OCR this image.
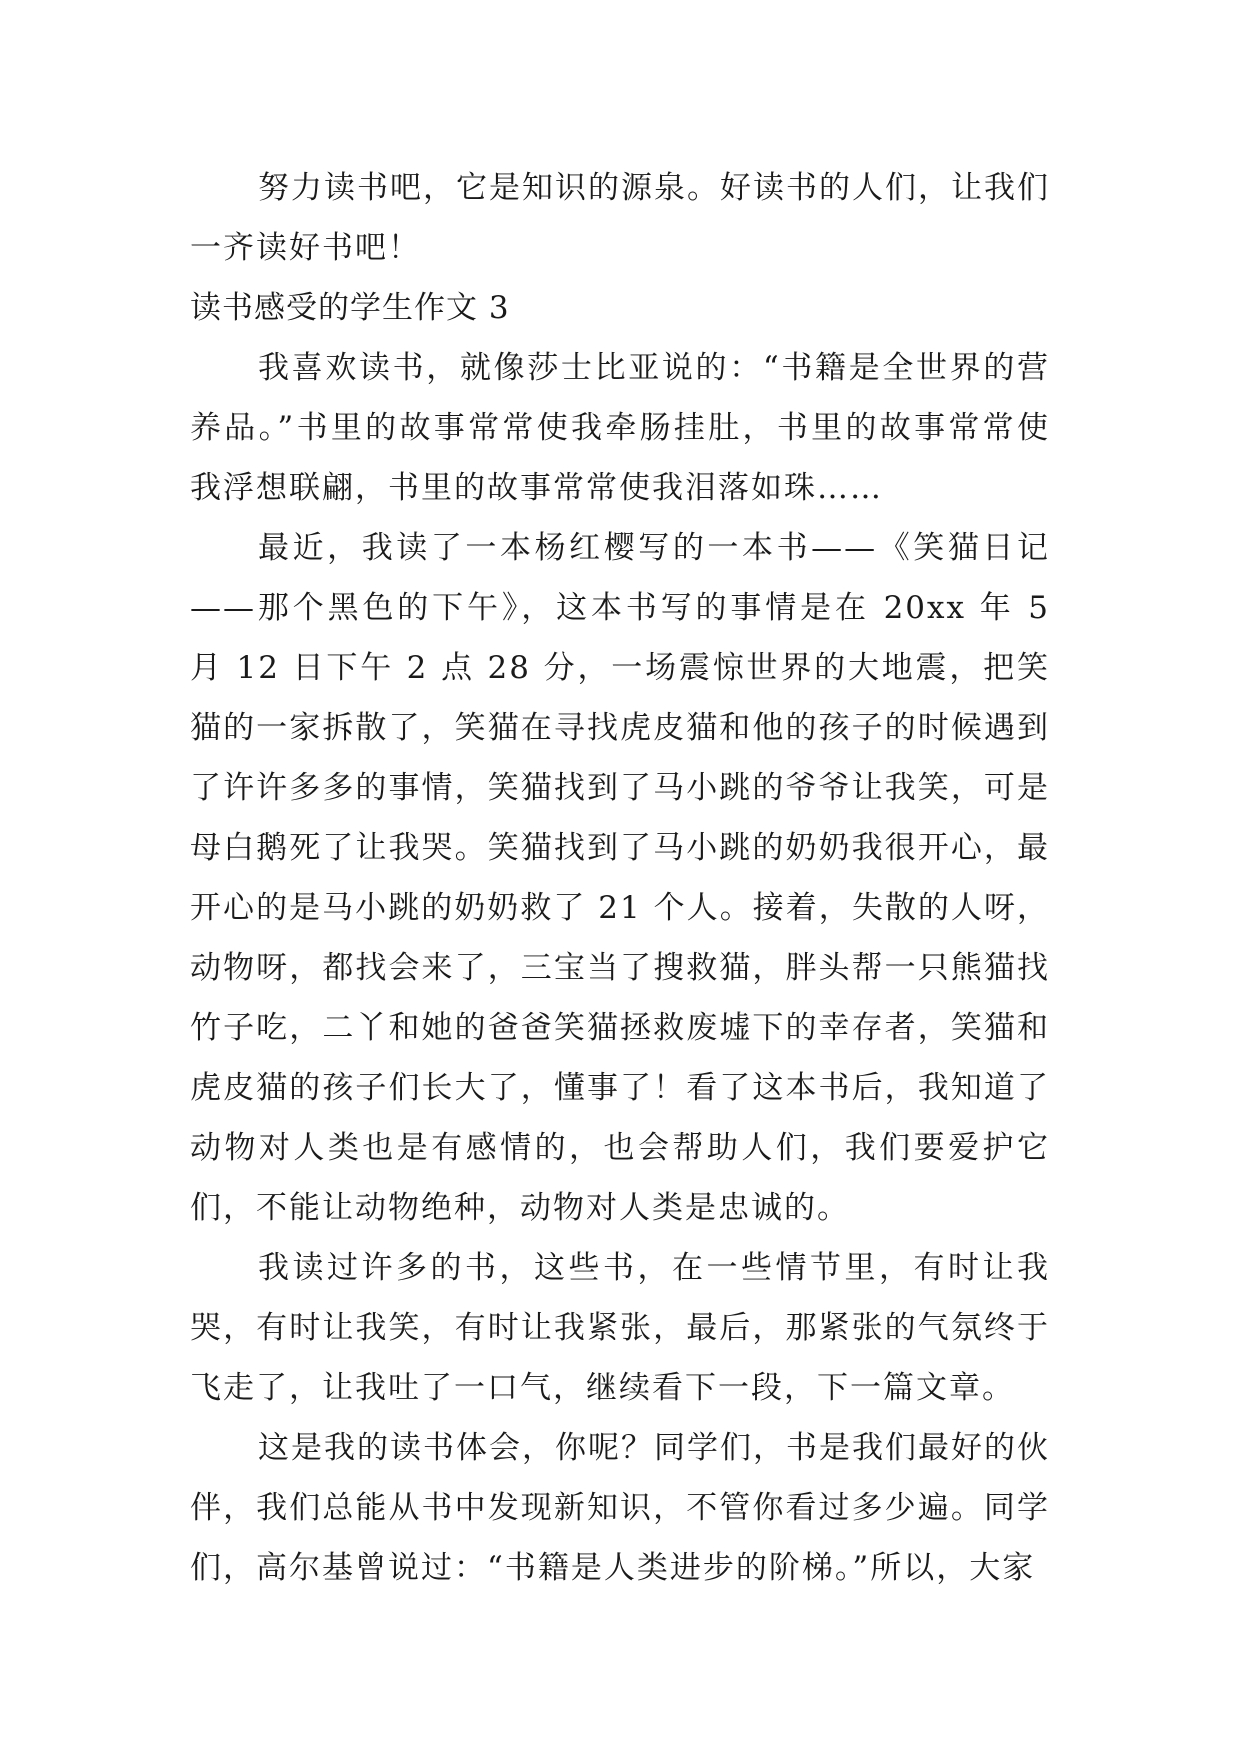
努力读书吧，它是知识的源泉。好读书的人们，让我们一齐读好书吧！

读书感受的学生作文 3

我喜欢读书，就像莎士比亚说的：“书籍是全世界的营养品。”书里的故事常常使我牵肠挂肚，书里的故事常常使我浮想联翩，书里的故事常常使我泪落如珠……

最近，我读了一本杨红樱写的一本书——《笑猫日记——那个黑色的下午》，这本书写的事情是在 20xx 年 5 月 12 日下午 2 点 28 分，一场震惊世界的大地震，把笑猫的一家拆散了，笑猫在寻找虎皮猫和他的孩子的时候遇到了许许多多的事情，笑猫找到了马小跳的爷爷让我笑，可是母白鹅死了让我哭。笑猫找到了马小跳的奶奶我很开心，最开心的是马小跳的奶奶救了 21 个人。接着，失散的人呀，动物呀，都找会来了，三宝当了搜救猫，胖头帮一只熊猫找竹子吃，二丫和她的爸爸笑猫拯救废墟下的幸存者，笑猫和虎皮猫的孩子们长大了，懂事了！看了这本书后，我知道了动物对人类也是有感情的，也会帮助人们，我们要爱护它们，不能让动物绝种，动物对人类是忠诚的。

我读过许多的书，这些书，在一些情节里，有时让我哭，有时让我笑，有时让我紧张，最后，那紧张的气氛终于飞走了，让我吐了一口气，继续看下一段，下一篇文章。

这是我的读书体会，你呢？同学们，书是我们最好的伙伴，我们总能从书中发现新知识，不管你看过多少遍。同学们，高尔基曾说过：“书籍是人类进步的阶梯。”所以，大家
